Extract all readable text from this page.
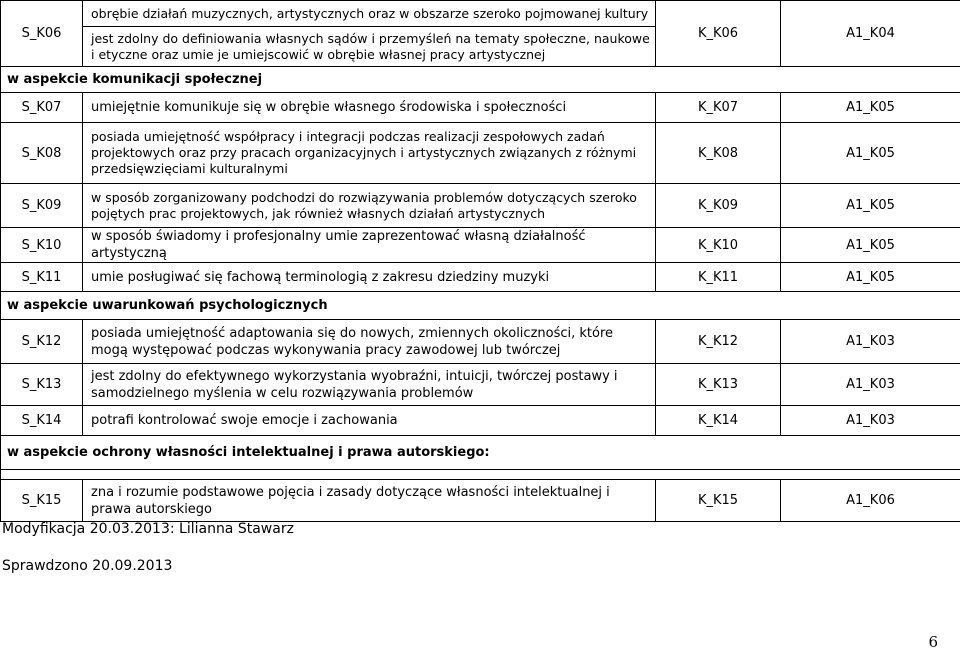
S_K06	obrębie działań muzycznych, artystycznych oraz w obszarze szeroko pojmowanej kultury	K_K06	A1_K04
	jest zdolny do definiowania własnych sądów i przemyśleń na tematy społeczne, naukowe i etyczne oraz umie je umiejscowić w obrębie własnej pracy artystycznej		
w aspekcie komunikacji społecznej			
S_K07	umiejętnie komunikuje się w obrębie własnego środowiska i społeczności	K_K07	A1_K05
S_K08	posiada umiejętność współpracy i integracji podczas realizacji zespołowych zadań projektowych oraz przy pracach organizacyjnych i artystycznych związanych z różnymi przedsięwzięciami kulturalnymi	K_K08	A1_K05
S_K09	w sposób zorganizowany podchodzi do rozwiązywania problemów dotyczących szeroko pojętych prac projektowych, jak również własnych działań artystycznych	K_K09	A1_K05
S_K10	w sposób świadomy i profesjonalny umie zaprezentować własną działalność artystyczną	K_K10	A1_K05
S_K11	umie posługiwać się fachową terminologią z zakresu dziedziny muzyki	K_K11	A1_K05
w aspekcie uwarunkowań psychologicznych			
S_K12	posiada umiejętność adaptowania się do nowych, zmiennych okoliczności, które mogą występować podczas wykonywania pracy zawodowej lub twórczej	K_K12	A1_K03
S_K13	jest zdolny do efektywnego wykorzystania wyobraźni, intuicji, twórczej postawy i samodzielnego myślenia w celu rozwiązywania problemów	K_K13	A1_K03
S_K14	potrafi kontrolować swoje emocje i zachowania	K_K14	A1_K03
w aspekcie ochrony własności intelektualnej i prawa autorskiego:			

S_K15	zna i rozumie podstawowe pojęcia i zasady dotyczące własności intelektualnej i prawa autorskiego	K_K15	A1_K06
Modyfikacja 20.03.2013: Lilianna Stawarz
Sprawdzono 20.09.2013
6
